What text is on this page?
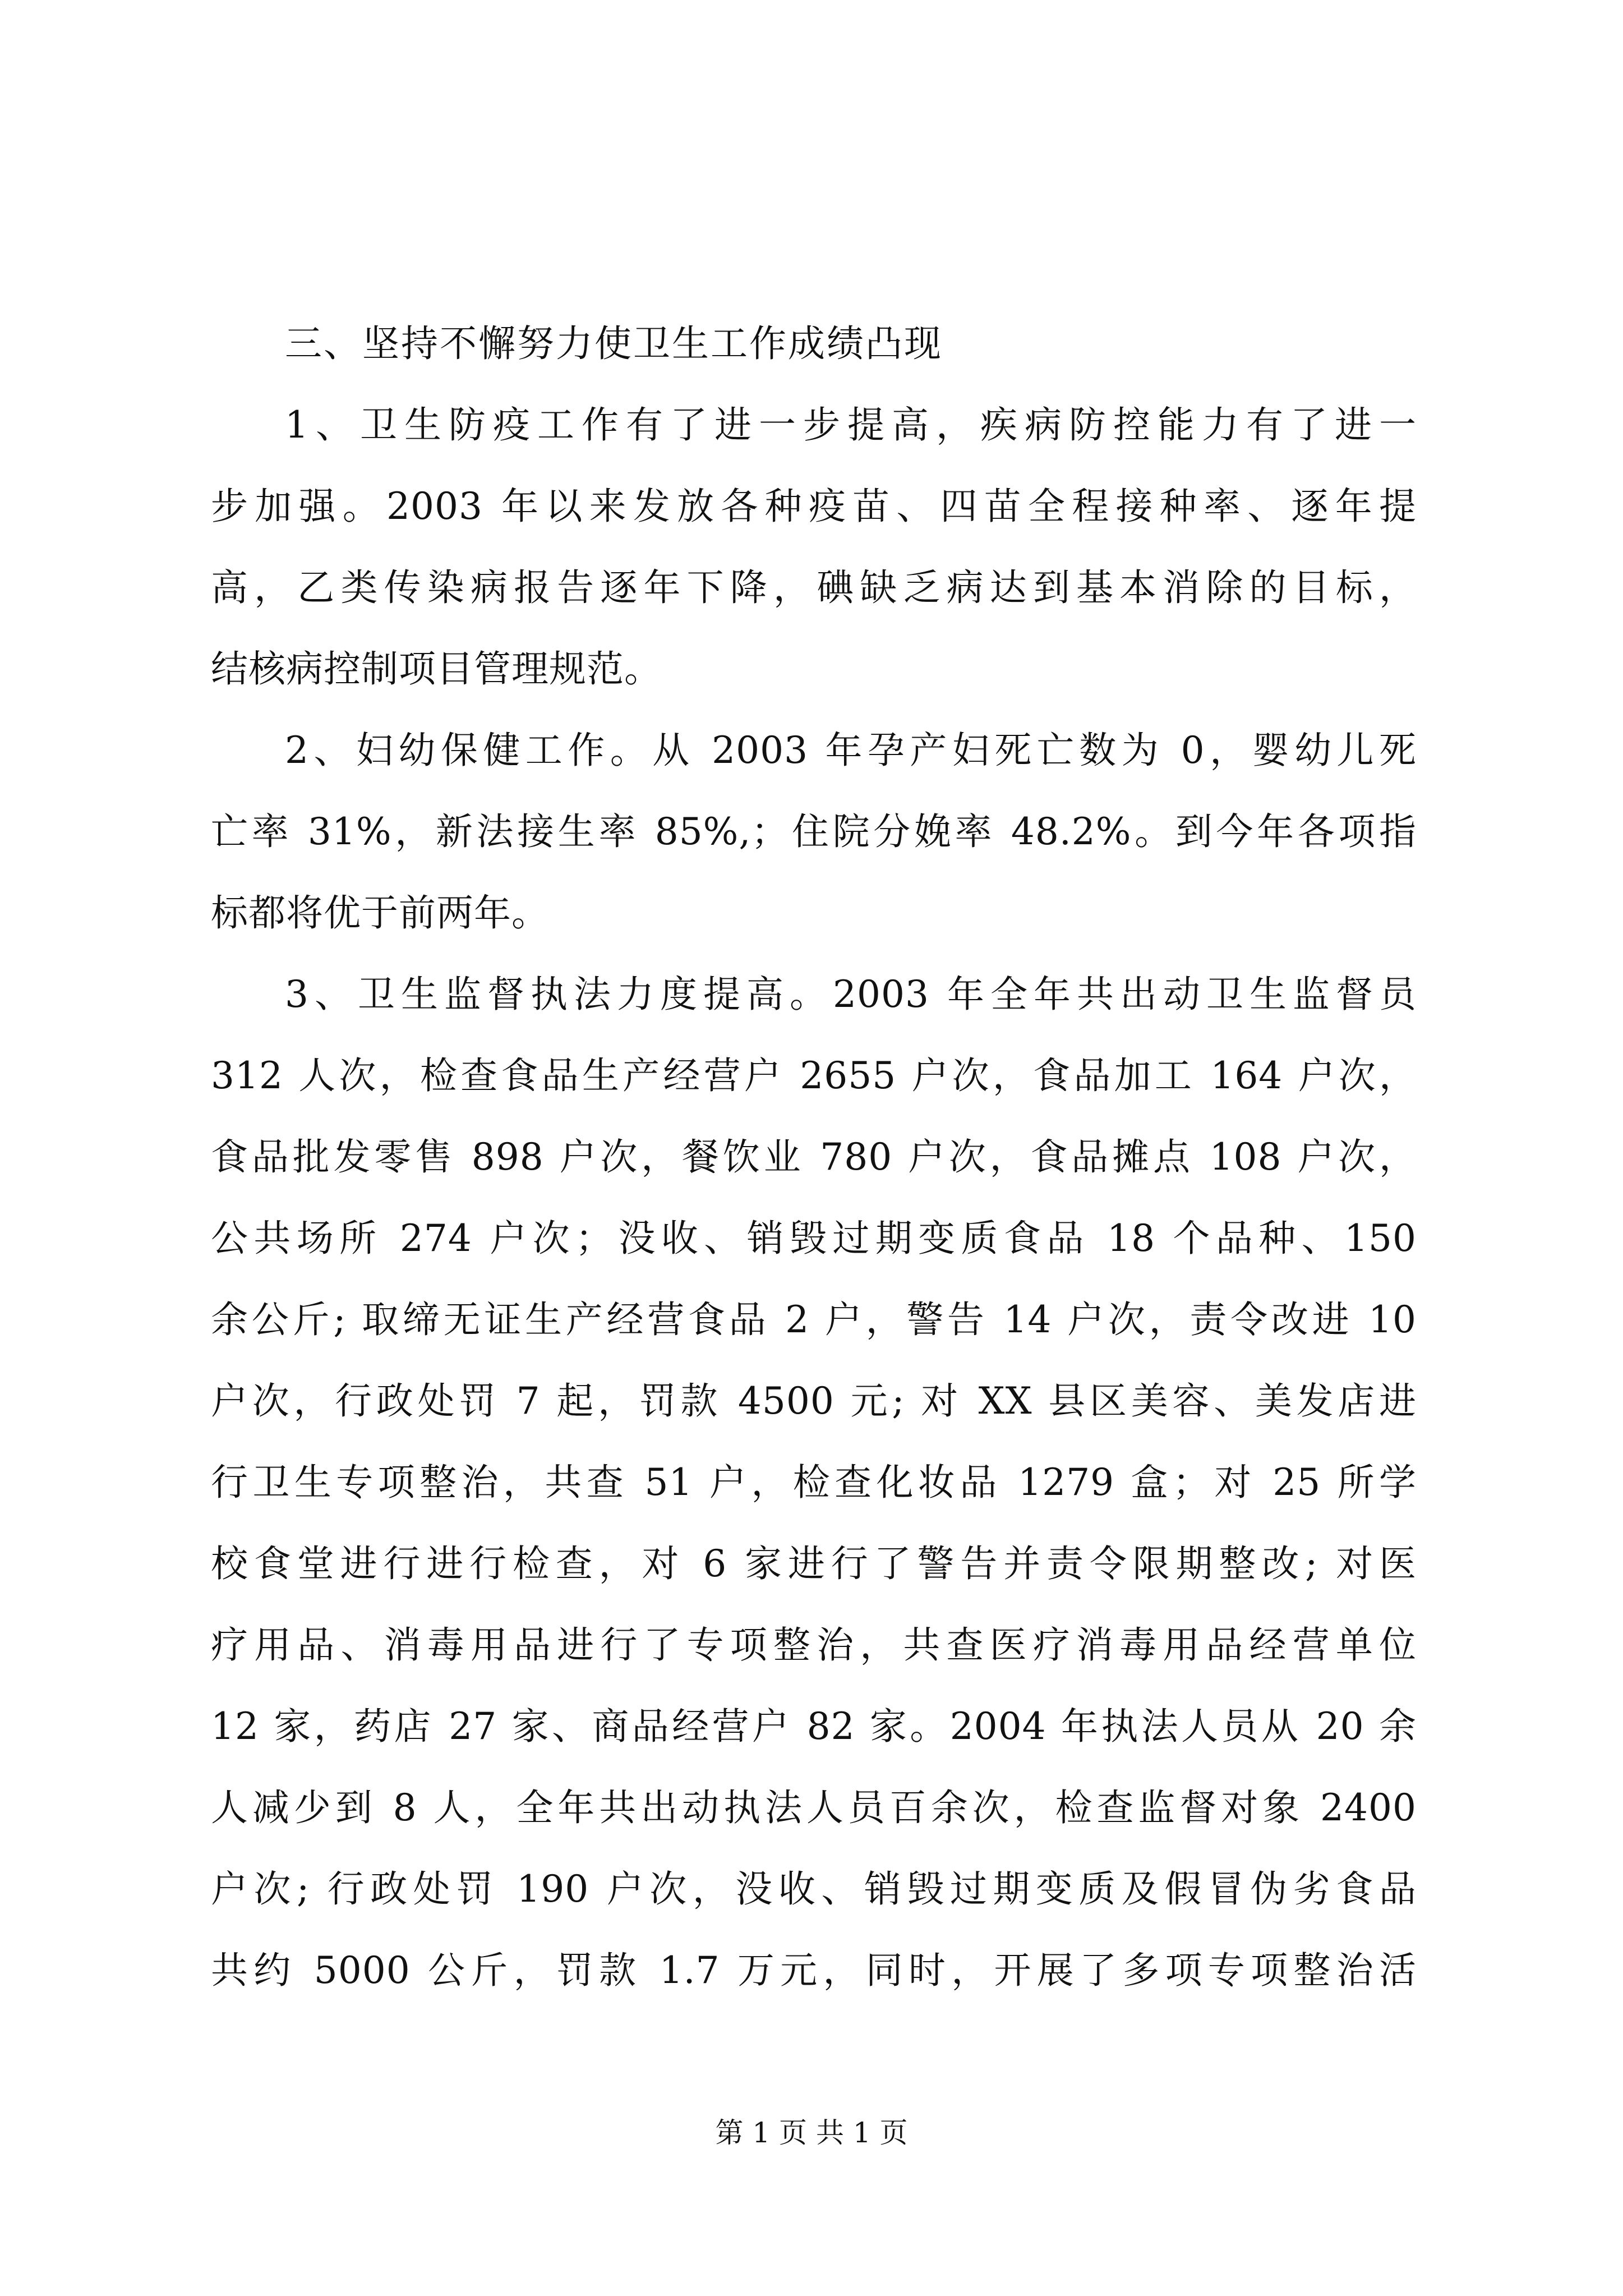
三、坚持不懈努力使卫生工作成绩凸现

1、卫生防疫工作有了进一步提高，疾病防控能力有了进一
步加强。2003 年以来发放各种疫苗、四苗全程接种率、逐年提
高，乙类传染病报告逐年下降，碘缺乏病达到基本消除的目标，
结核病控制项目管理规范。

2、妇幼保健工作。从 2003 年孕产妇死亡数为 0，婴幼儿死
亡率 31%，新法接生率 85%,；住院分娩率 48.2%。到今年各项指
标都将优于前两年。

3、卫生监督执法力度提高。2003 年全年共出动卫生监督员
312 人次，检查食品生产经营户 2655 户次，食品加工 164 户次，
食品批发零售 898 户次，餐饮业 780 户次，食品摊点 108 户次，
公共场所 274 户次；没收、销毁过期变质食品 18 个品种、150
余公斤; 取缔无证生产经营食品 2 户，警告 14 户次，责令改进 10
户次，行政处罚 7 起，罚款 4500 元; 对 XX 县区美容、美发店进
行卫生专项整治，共查 51 户，检查化妆品 1279 盒；对 25 所学
校食堂进行进行检查，对 6 家进行了警告并责令限期整改; 对医
疗用品、消毒用品进行了专项整治，共查医疗消毒用品经营单位
12 家，药店 27 家、商品经营户 82 家。2004 年执法人员从 20 余
人减少到 8 人，全年共出动执法人员百余次，检查监督对象 2400
户次; 行政处罚 190 户次，没收、销毁过期变质及假冒伪劣食品
共约 5000 公斤，罚款 1.7 万元，同时，开展了多项专项整治活

第 1 页 共 1 页
